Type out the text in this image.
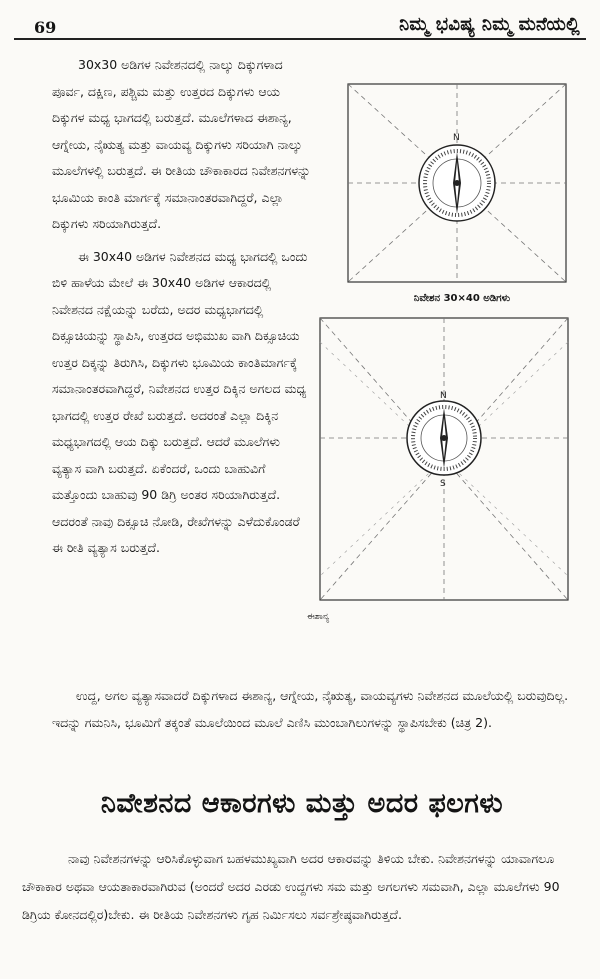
69	ನಿಮ್ಮ ಭವಿಷ್ಯ ನಿಮ್ಮ ಮನೆಯಲ್ಲಿ

30x30 ಅಡಿಗಳ ನಿವೇಶನದಲ್ಲಿ ನಾಲ್ಕು ದಿಕ್ಕುಗಳಾದ ಪೂರ್ವ, ದಕ್ಷಿಣ, ಪಶ್ಚಿಮ ಮತ್ತು ಉತ್ತರದ ದಿಕ್ಕುಗಳು ಆಯ ದಿಕ್ಕುಗಳ ಮಧ್ಯ ಭಾಗದಲ್ಲಿ ಬರುತ್ತದೆ. ಮೂಲೆಗಳಾದ ಈಶಾನ್ಯ, ಆಗ್ನೇಯ, ನೈಋತ್ಯ ಮತ್ತು ವಾಯವ್ಯ ದಿಕ್ಕುಗಳು ಸರಿಯಾಗಿ ನಾಲ್ಕು ಮೂಲೆಗಳಲ್ಲಿ ಬರುತ್ತದೆ. ಈ ರೀತಿಯ ಚೌಕಾಕಾರದ ನಿವೇಶನಗಳನ್ನು ಭೂಮಿಯ ಕಾಂತಿ ಮಾರ್ಗಕ್ಕೆ ಸಮಾನಾಂತರವಾಗಿದ್ದರೆ, ಎಲ್ಲಾ ದಿಕ್ಕುಗಳು ಸರಿಯಾಗಿರುತ್ತದೆ.

ಈ 30x40 ಅಡಿಗಳ ನಿವೇಶನದ ಮಧ್ಯ ಭಾಗದಲ್ಲಿ ಒಂದು ಬಿಳಿ ಹಾಳೆಯ ಮೇಲೆ ಈ 30x40 ಅಡಿಗಳ ಆಕಾರದಲ್ಲಿ ನಿವೇಶನದ ನಕ್ಷೆಯನ್ನು ಬರೆದು, ಅದರ ಮಧ್ಯಭಾಗದಲ್ಲಿ ದಿಕ್ಸೂಚಿಯನ್ನು ಸ್ಥಾಪಿಸಿ, ಉತ್ತರದ ಅಭಿಮುಖ ವಾಗಿ ದಿಕ್ಸೂಚಿಯ ಉತ್ತರ ದಿಕ್ಕನ್ನು ತಿರುಗಿಸಿ, ದಿಕ್ಕುಗಳು ಭೂಮಿಯ ಕಾಂತಿಮಾರ್ಗಕ್ಕೆ ಸಮಾನಾಂತರವಾಗಿದ್ದರೆ, ನಿವೇಶನದ ಉತ್ತರ ದಿಕ್ಕಿನ ಅಗಲದ ಮಧ್ಯ ಭಾಗದಲ್ಲಿ ಉತ್ತರ ರೇಖೆ ಬರುತ್ತದೆ. ಅದರಂತೆ ಎಲ್ಲಾ ದಿಕ್ಕಿನ ಮಧ್ಯಭಾಗದಲ್ಲಿ ಆಯ ದಿಕ್ಕು ಬರುತ್ತದೆ. ಆದರೆ ಮೂಲೆಗಳು ವ್ಯತ್ಯಾಸ ವಾಗಿ ಬರುತ್ತದೆ. ಏಕೆಂದರೆ, ಒಂದು ಬಾಹುವಿಗೆ ಮತ್ತೊಂದು ಬಾಹುವು 90 ಡಿಗ್ರಿ ಅಂತರ ಸರಿಯಾಗಿರುತ್ತದೆ. ಆದರಂತೆ ನಾವು ದಿಕ್ಸೂಚಿ ನೋಡಿ, ರೇಖೆಗಳನ್ನು ಎಳೆದುಕೊಂಡರೆ ಈ ರೀತಿ ವ್ಯತ್ಯಾಸ ಬರುತ್ತದೆ.

N
ನಿವೇಶನ 30×40 ಅಡಿಗಳು
N
S
ಈಶಾನ್ಯ

ಉದ್ದ, ಅಗಲ ವ್ಯತ್ಯಾಸವಾದರೆ ದಿಕ್ಕುಗಳಾದ ಈಶಾನ್ಯ, ಆಗ್ನೇಯ, ನೈಋತ್ಯ, ವಾಯವ್ಯಗಳು ನಿವೇಶನದ ಮೂಲೆಯಲ್ಲಿ ಬರುವುದಿಲ್ಲ. ಇದನ್ನು ಗಮನಿಸಿ, ಭೂಮಿಗೆ ತಕ್ಕಂತೆ ಮೂಲೆಯಿಂದ ಮೂಲೆ ಎಣಿಸಿ ಮುಂಬಾಗಿಲುಗಳನ್ನು ಸ್ಥಾಪಿಸಬೇಕು (ಚಿತ್ರ 2).

ನಿವೇಶನದ ಆಕಾರಗಳು ಮತ್ತು ಅದರ ಫಲಗಳು

ನಾವು ನಿವೇಶನಗಳನ್ನು ಆರಿಸಿಕೊಳ್ಳುವಾಗ ಬಹಳಮುಖ್ಯವಾಗಿ ಅದರ ಆಕಾರವನ್ನು ತಿಳಿಯ ಬೇಕು. ನಿವೇಶನಗಳನ್ನು ಯಾವಾಗಲೂ ಚೌಕಾಕಾರ ಅಥವಾ ಆಯತಾಕಾರವಾಗಿರುವ (ಅಂದರೆ ಅದರ ಎರಡು ಉದ್ದಗಳು ಸಮ ಮತ್ತು ಅಗಲಗಳು ಸಮವಾಗಿ, ಎಲ್ಲಾ ಮೂಲೆಗಳು 90 ಡಿಗ್ರಿಯ ಕೋನದಲ್ಲಿರ)ಬೇಕು. ಈ ರೀತಿಯ ನಿವೇಶನಗಳು ಗೃಹ ನಿರ್ಮಿಸಲು ಸರ್ವಶ್ರೇಷ್ಠವಾಗಿರುತ್ತದೆ.
